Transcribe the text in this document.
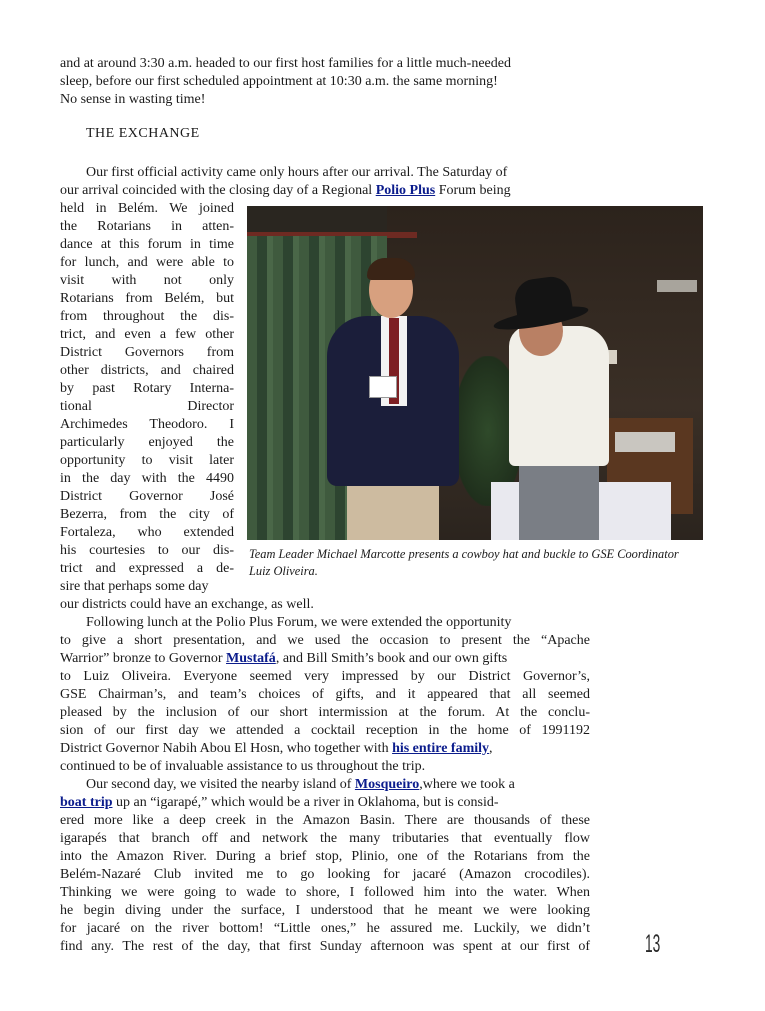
and at around 3:30 a.m. headed to our first host families for a little much-needed
sleep, before our first scheduled appointment at 10:30 a.m. the same morning!
No sense in wasting time!
THE EXCHANGE
Our first official activity came only hours after our arrival. The Saturday of
our arrival coincided with the closing day of a Regional Polio Plus Forum being
held in Belém. We joined
the Rotarians in atten-
dance at this forum in time
for lunch, and were able to
visit with not only
Rotarians from Belém, but
from throughout the dis-
trict, and even a few other
District Governors from
other districts, and chaired
by past Rotary Interna-
tional Director
Archimedes Theodoro. I
particularly enjoyed the
opportunity to visit later
in the day with the 4490
District Governor José
Bezerra, from the city of
Fortaleza, who extended
his courtesies to our dis-
trict and expressed a de-
sire that perhaps some day
Team Leader Michael Marcotte presents a cowboy hat and buckle to GSE Coordinator
Luiz Oliveira.
our districts could have an exchange, as well.
Following lunch at the Polio Plus Forum, we were extended the opportunity
to give a short presentation, and we used the occasion to present the “Apache
Warrior” bronze to Governor Mustafá, and Bill Smith’s book and our own gifts
to Luiz Oliveira. Everyone seemed very impressed by our District Governor’s,
GSE Chairman’s, and team’s choices of gifts, and it appeared that all seemed
pleased by the inclusion of our short intermission at the forum. At the conclu-
sion of our first day we attended a cocktail reception in the home of 1991192
District Governor Nabih Abou El Hosn, who together with his entire family,
continued to be of invaluable assistance to us throughout the trip.
Our second day, we visited the nearby island of Mosqueiro,where we took a
boat trip up an “igarapé,” which would be a river in Oklahoma, but is consid-
ered more like a deep creek in the Amazon Basin. There are thousands of these
igarapés that branch off and network the many tributaries that eventually flow
into the Amazon River. During a brief stop, Plinio, one of the Rotarians from the
Belém-Nazaré Club invited me to go looking for jacaré (Amazon crocodiles).
Thinking we were going to wade to shore, I followed him into the water. When
he begin diving under the surface, I understood that he meant we were looking
for jacaré on the river bottom! “Little ones,” he assured me. Luckily, we didn’t
find any. The rest of the day, that first Sunday afternoon was spent at our first of 13
